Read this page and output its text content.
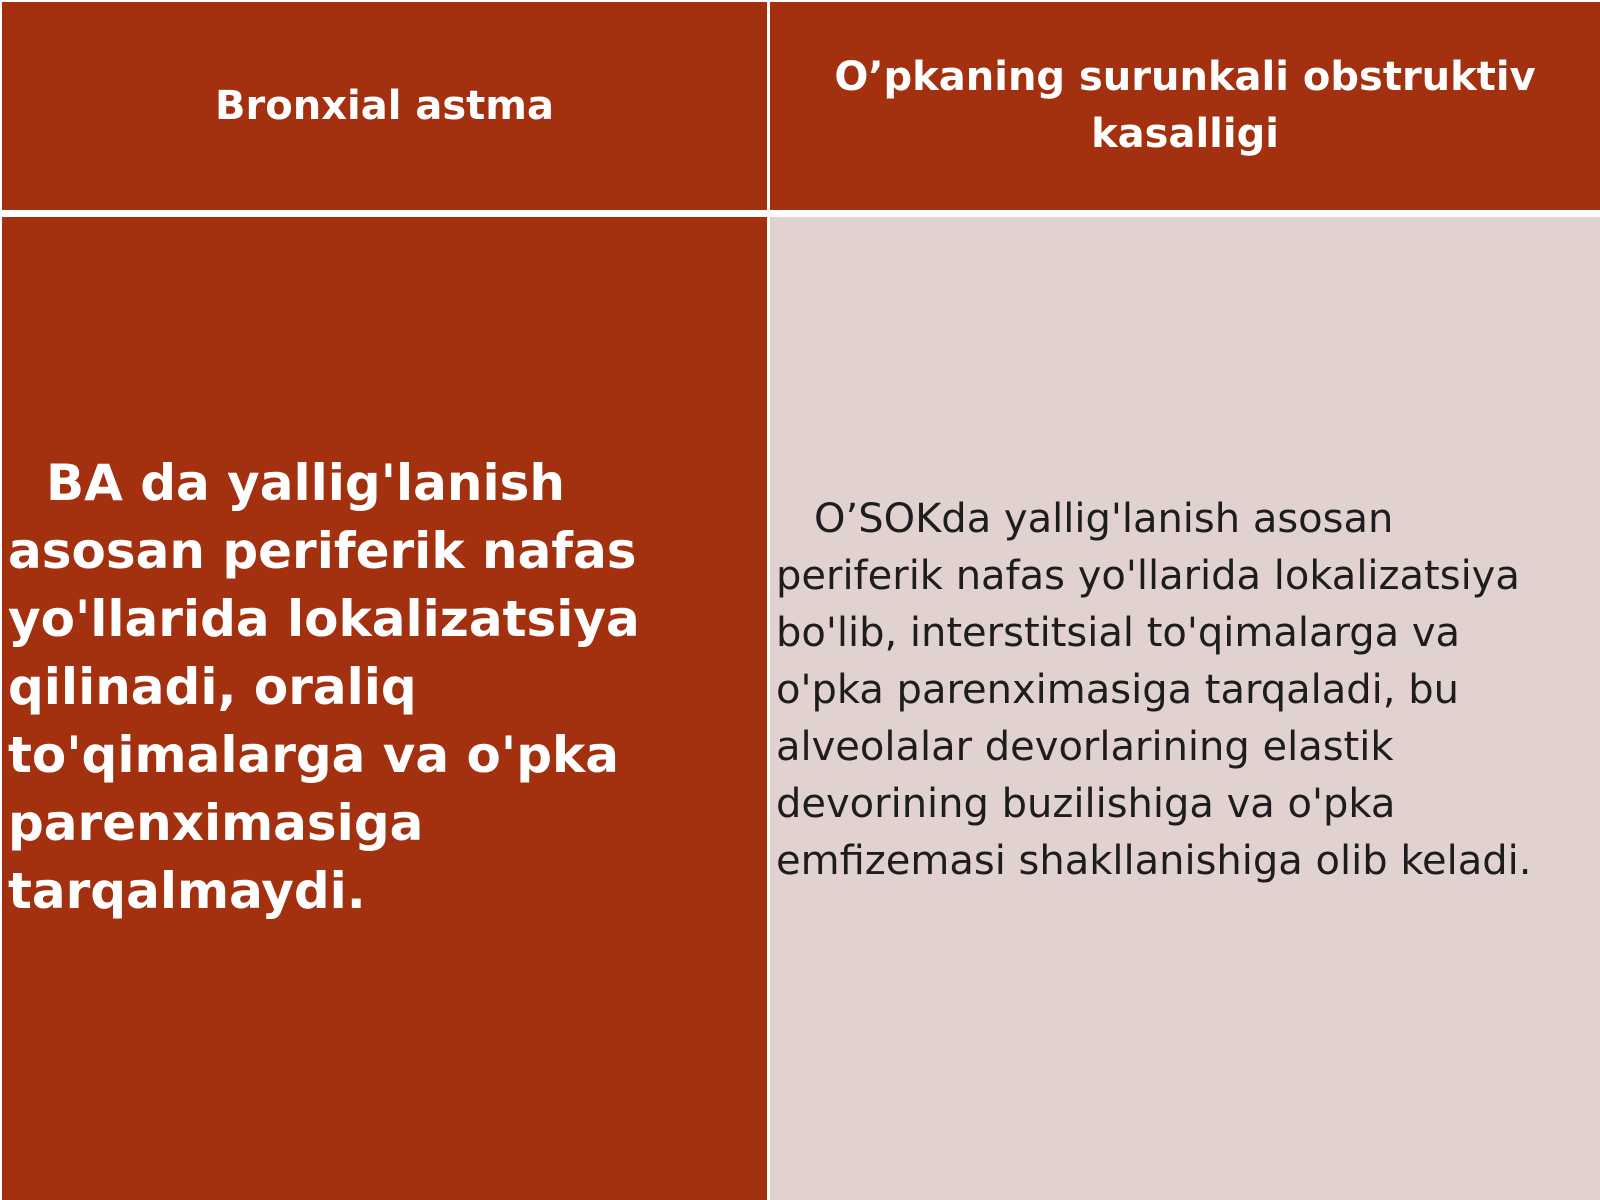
Bronxial astma

O’pkaning surunkali obstruktiv kasalligi

BA da yallig'lanish asosan periferik nafas yo'llarida lokalizatsiya qilinadi, oraliq to'qimalarga va o'pka parenximasiga tarqalmaydi.

O’SOKda yallig'lanish asosan periferik nafas yo'llarida lokalizatsiya bo'lib, interstitsial to'qimalarga va o'pka parenximasiga tarqaladi, bu alveolalar devorlarining elastik devorining buzilishiga va o'pka emfizemasi shakllanishiga olib keladi.
